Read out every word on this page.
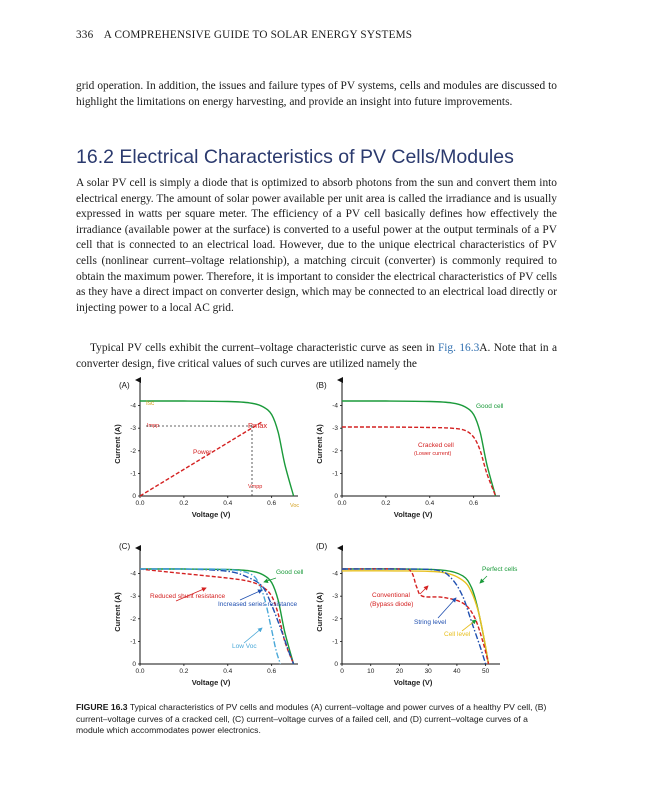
336 A COMPREHENSIVE GUIDE TO SOLAR ENERGY SYSTEMS

grid operation. In addition, the issues and failure types of PV systems, cells and modules are discussed to highlight the limitations on energy harvesting, and provide an insight into future improvements.

16.2 Electrical Characteristics of PV Cells/Modules

A solar PV cell is simply a diode that is optimized to absorb photons from the sun and convert them into electrical energy. The amount of solar power available per unit area is called the irradiance and is usually expressed in watts per square meter. The efficiency of a PV cell basically defines how effectively the irradiance (available power at the surface) is converted to a useful power at the output terminals of a PV cell that is connected to an electrical load. However, due to the unique electrical characteristics of PV cells (nonlinear current–voltage relationship), a matching circuit (converter) is commonly required to obtain the maximum power. Therefore, it is important to consider the electrical characteristics of PV cells as they have a direct impact on converter design, which may be connected to an electrical load directly or injecting power to a local AC grid.

Typical PV cells exhibit the current–voltage characteristic curve as seen in Fig. 16.3A. Note that in a converter design, five critical values of such curves are utilized namely the

(A)
0.0	0.2	0.4	0.6
0
-1
-2
-3
-4
Voltage (V)
Current (A)
(B)
0.0	0.2	0.4	0.6
0
-1
-2
-3
-4
Voltage (V)
Current (A)
(C)
0.0	0.2	0.4	0.6
0
-1
-2
-3
-4
Voltage (V)
Current (A)
(D)
0	10	20	30	40	50
0
-1
-2
-3
-4
Voltage (V)
Current (A)
Isc
Impp	Pmax
Power
Vmpp
Voc
Good cell
Cracked cell
(Lower current)
Good cell
Reduced shunt resistance
Increased series resistance
Low Voc
Perfect cells
Conventional
(Bypass diode)
String level
Cell level

FIGURE 16.3 Typical characteristics of PV cells and modules (A) current–voltage and power curves of a healthy PV cell, (B) current–voltage curves of a cracked cell, (C) current–voltage curves of a failed cell, and (D) current–voltage curves of a module which accommodates power electronics.
